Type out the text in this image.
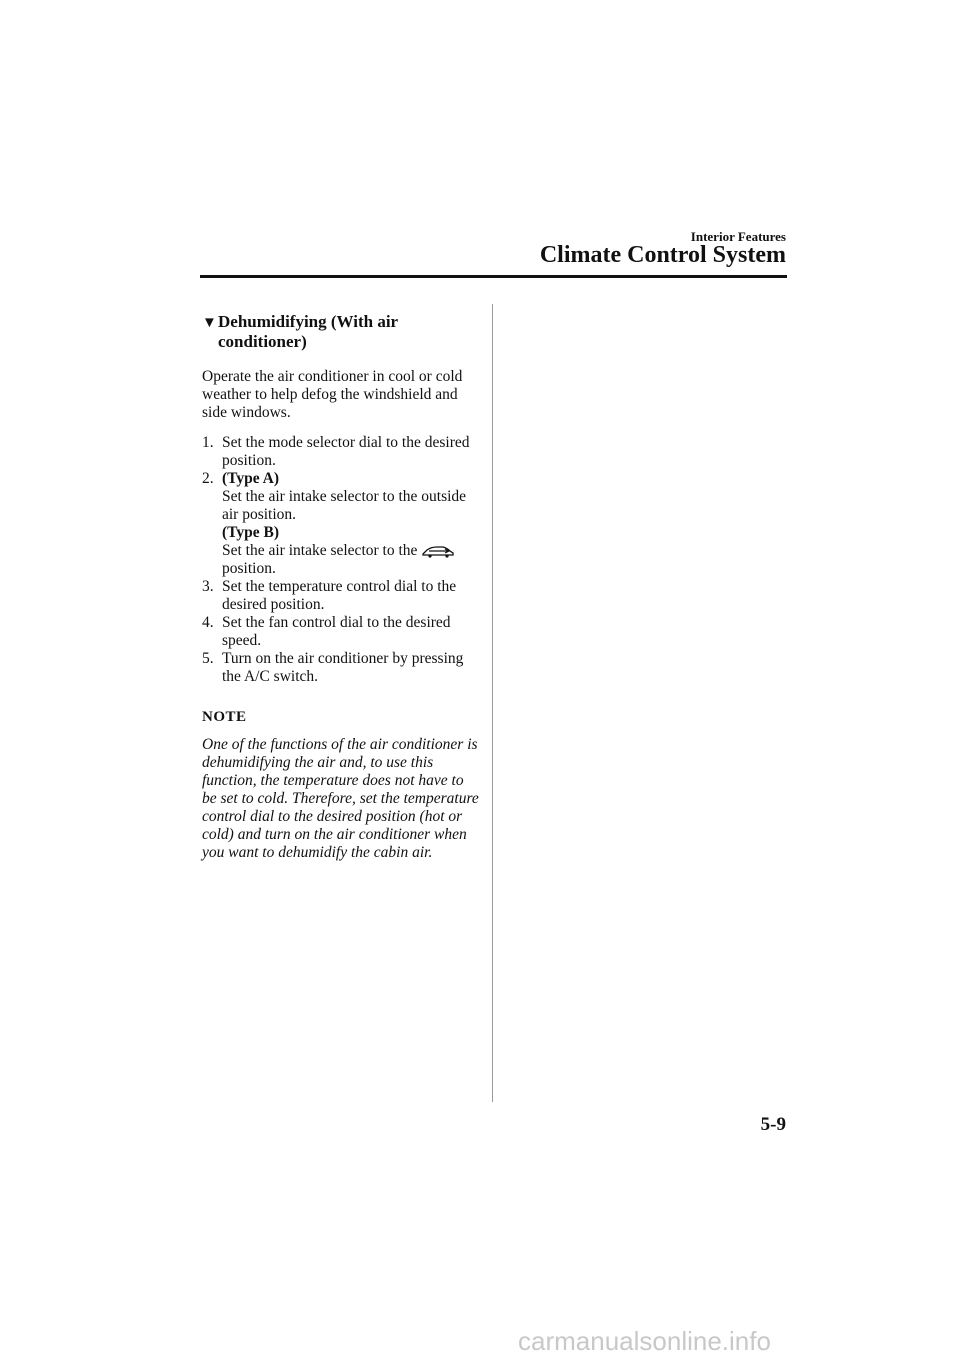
Interior Features
Climate Control System
▼ Dehumidifying (With air conditioner)

Operate the air conditioner in cool or cold weather to help defog the windshield and side windows.

1. Set the mode selector dial to the desired position.
2. (Type A)
Set the air intake selector to the outside air position.
(Type B)
Set the air intake selector to the  position.
3. Set the temperature control dial to the desired position.
4. Set the fan control dial to the desired speed.
5. Turn on the air conditioner by pressing the A/C switch.
NOTE
One of the functions of the air conditioner is dehumidifying the air and, to use this function, the temperature does not have to be set to cold. Therefore, set the temperature control dial to the desired position (hot or cold) and turn on the air conditioner when you want to dehumidify the cabin air.
5-9
carmanualsonline.info
